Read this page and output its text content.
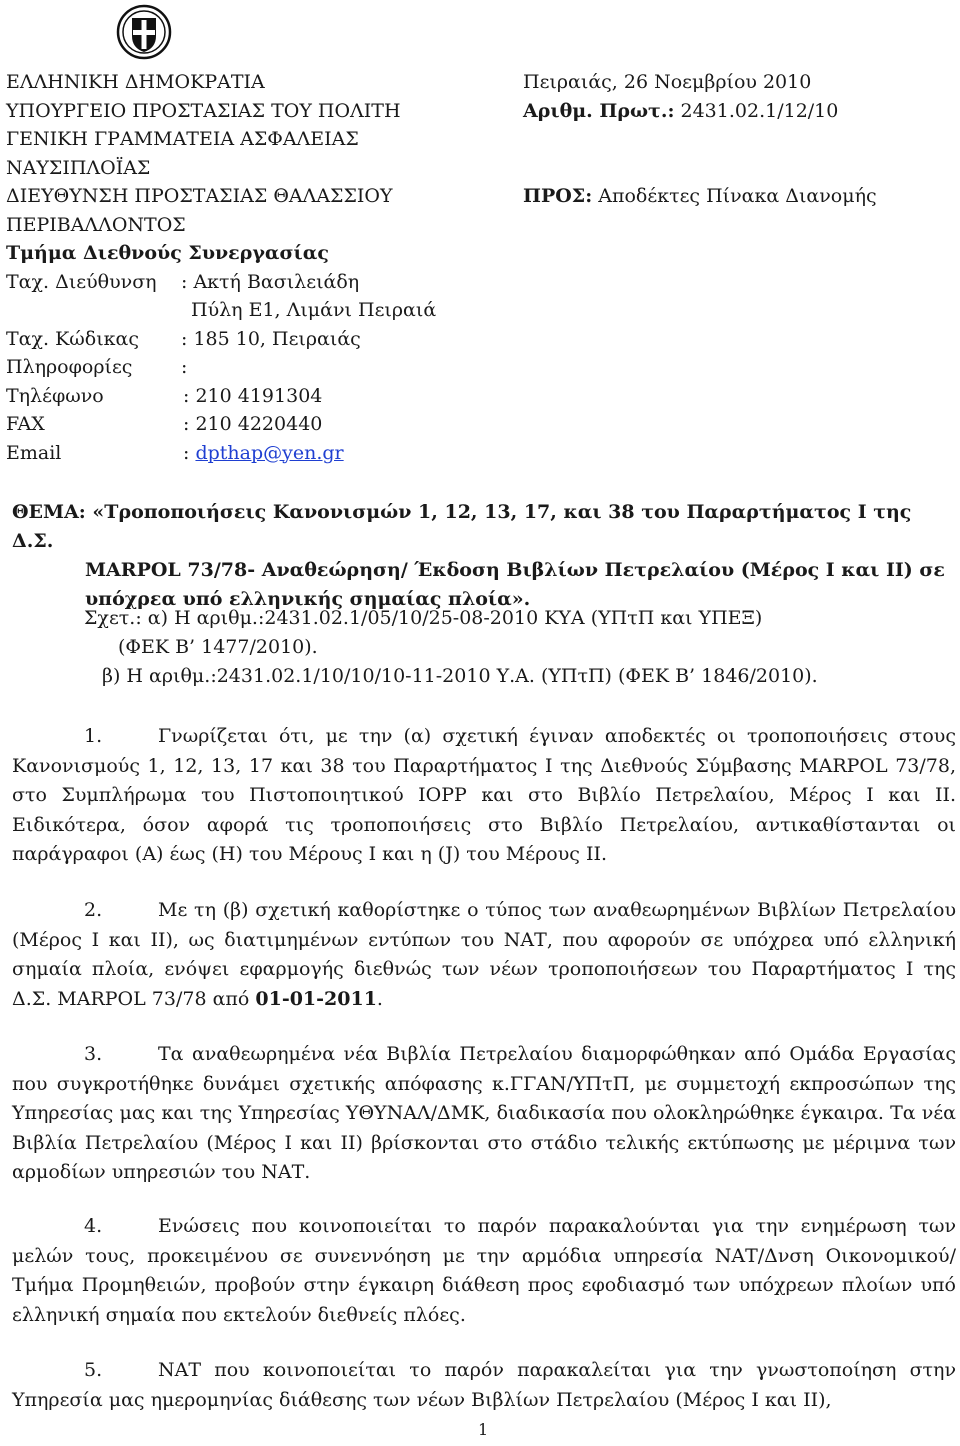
ΕΛΛΗΝΙΚΗ ΔΗΜΟΚΡΑΤΙΑ
ΥΠΟΥΡΓΕΙΟ ΠΡΟΣΤΑΣΙΑΣ ΤΟΥ ΠΟΛΙΤΗ
ΓΕΝΙΚΗ ΓΡΑΜΜΑΤΕΙΑ ΑΣΦΑΛΕΙΑΣ
ΝΑΥΣΙΠΛΟΪΑΣ
ΔΙΕΥΘΥΝΣΗ ΠΡΟΣΤΑΣΙΑΣ ΘΑΛΑΣΣΙΟΥ
ΠΕΡΙΒΑΛΛΟΝΤΟΣ
Τμήμα Διεθνούς Συνεργασίας
Ταχ. Διεύθυνση	: Ακτή Βασιλειάδη
Πύλη Ε1, Λιμάνι Πειραιά
Ταχ. Κώδικας	: 185 10, Πειραιάς
Πληροφορίες	:
Τηλέφωνο	: 210 4191304
FAX	: 210 4220440
Email	: dpthap@yen.gr
Πειραιάς, 26 Νοεμβρίου 2010
Αριθμ. Πρωτ.: 2431.02.1/12/10
ΠΡΟΣ: Αποδέκτες Πίνακα Διανομής
ΘΕΜΑ: «Τροποποιήσεις Κανονισμών 1, 12, 13, 17, και 38 του Παραρτήματος Ι της Δ.Σ.
MARPOL 73/78- Αναθεώρηση/ Έκδοση Βιβλίων Πετρελαίου (Μέρος Ι και ΙΙ) σε
υπόχρεα υπό ελληνικής σημαίας πλοία».
Σχετ.: α) Η αριθμ.:2431.02.1/05/10/25-08-2010 ΚΥΑ (ΥΠτΠ και ΥΠΕΞ)
(ΦΕΚ Β’ 1477/2010).
β) Η αριθμ.:2431.02.1/10/10/10-11-2010 Υ.Α. (ΥΠτΠ) (ΦΕΚ Β’ 1846/2010).
1.	Γνωρίζεται ότι, με την (α) σχετική έγιναν αποδεκτές οι τροποποιήσεις στους Κανονισμούς 1, 12, 13, 17 και 38 του Παραρτήματος Ι της Διεθνούς Σύμβασης MARPOL 73/78, στο Συμπλήρωμα του Πιστοποιητικού IOPP και στο Βιβλίο Πετρελαίου, Μέρος Ι και ΙΙ. Ειδικότερα, όσον αφορά τις τροποποιήσεις στο Βιβλίο Πετρελαίου, αντικαθίστανται οι παράγραφοι (Α) έως (Η) του Μέρους Ι και η (J) του Μέρους ΙΙ.
2.	Με τη (β) σχετική καθορίστηκε ο τύπος των αναθεωρημένων Βιβλίων Πετρελαίου (Μέρος Ι και ΙΙ), ως διατιμημένων εντύπων του ΝΑΤ, που αφορούν σε υπόχρεα υπό ελληνική σημαία πλοία, ενόψει εφαρμογής διεθνώς των νέων τροποποιήσεων του Παραρτήματος Ι της Δ.Σ. MARPOL 73/78 από 01-01-2011.
3.	Τα αναθεωρημένα νέα Βιβλία Πετρελαίου διαμορφώθηκαν από Ομάδα Εργασίας που συγκροτήθηκε δυνάμει σχετικής απόφασης κ.ΓΓΑΝ/ΥΠτΠ, με συμμετοχή εκπροσώπων της Υπηρεσίας μας και της Υπηρεσίας ΥΘΥΝΑΛ/ΔΜΚ, διαδικασία που ολοκληρώθηκε έγκαιρα. Τα νέα Βιβλία Πετρελαίου (Μέρος Ι και ΙΙ) βρίσκονται στο στάδιο τελικής εκτύπωσης με μέριμνα των αρμοδίων υπηρεσιών του ΝΑΤ.
4.	Ενώσεις που κοινοποιείται το παρόν παρακαλούνται για την ενημέρωση των μελών τους, προκειμένου σε συνεννόηση με την αρμόδια υπηρεσία ΝΑΤ/Δνση Οικονομικού/ Τμήμα Προμηθειών, προβούν στην έγκαιρη διάθεση προς εφοδιασμό των υπόχρεων πλοίων υπό ελληνική σημαία που εκτελούν διεθνείς πλόες.
5.	ΝΑΤ που κοινοποιείται το παρόν παρακαλείται για την γνωστοποίηση στην Υπηρεσία μας ημερομηνίας διάθεσης των νέων Βιβλίων Πετρελαίου (Μέρος Ι και ΙΙ),
1
